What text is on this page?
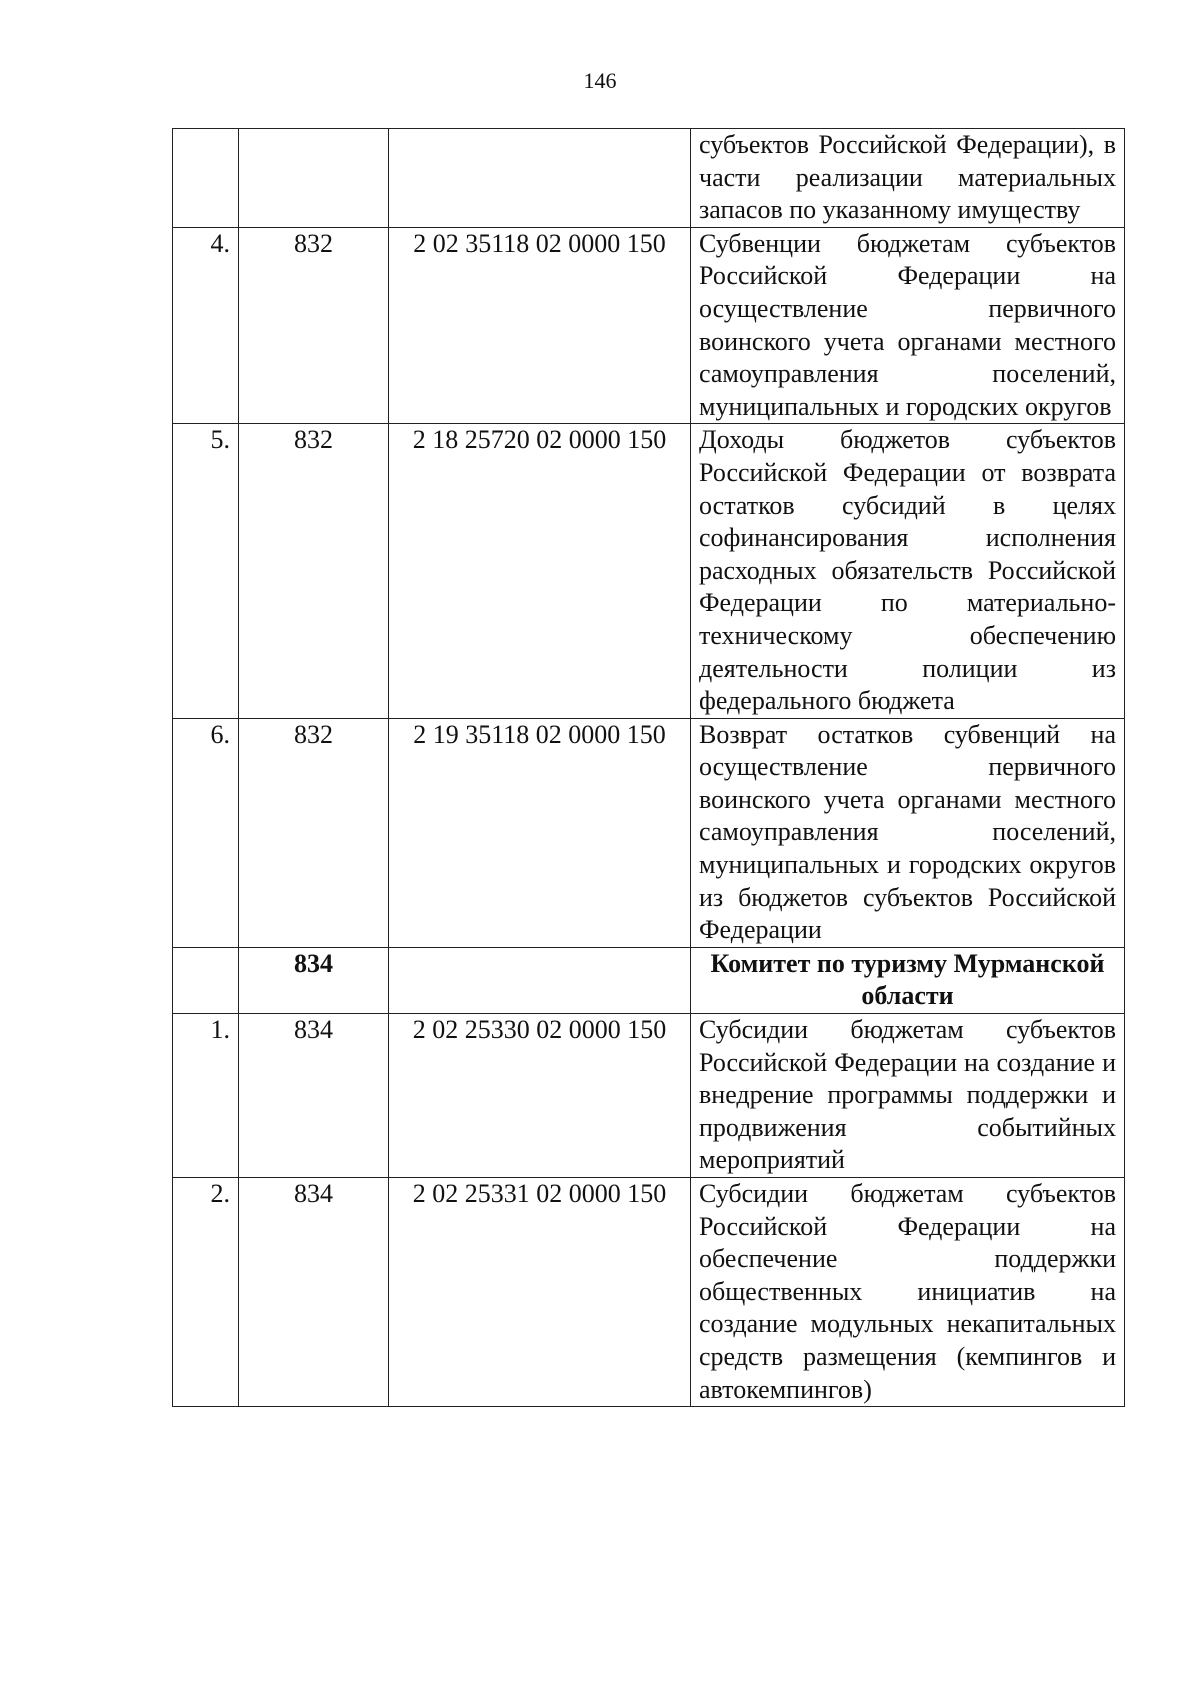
146
			субъектов Российской Федерации), в части реализации материальных запасов по указанному имуществу
4.	832	2 02 35118 02 0000 150	Субвенции бюджетам субъектов Российской Федерации на осуществление первичного воинского учета органами местного самоуправления поселений, муниципальных и городских округов
5.	832	2 18 25720 02 0000 150	Доходы бюджетов субъектов Российской Федерации от возврата остатков субсидий в целях софинансирования исполнения расходных обязательств Российской Федерации по материально-техническому обеспечению деятельности полиции из федерального бюджета
6.	832	2 19 35118 02 0000 150	Возврат остатков субвенций на осуществление первичного воинского учета органами местного самоуправления поселений, муниципальных и городских округов из бюджетов субъектов Российской Федерации
	834		Комитет по туризму Мурманской области
1.	834	2 02 25330 02 0000 150	Субсидии бюджетам субъектов Российской Федерации на создание и внедрение программы поддержки и продвижения событийных мероприятий
2.	834	2 02 25331 02 0000 150	Субсидии бюджетам субъектов Российской Федерации на обеспечение поддержки общественных инициатив на создание модульных некапитальных средств размещения (кемпингов и автокемпингов)
